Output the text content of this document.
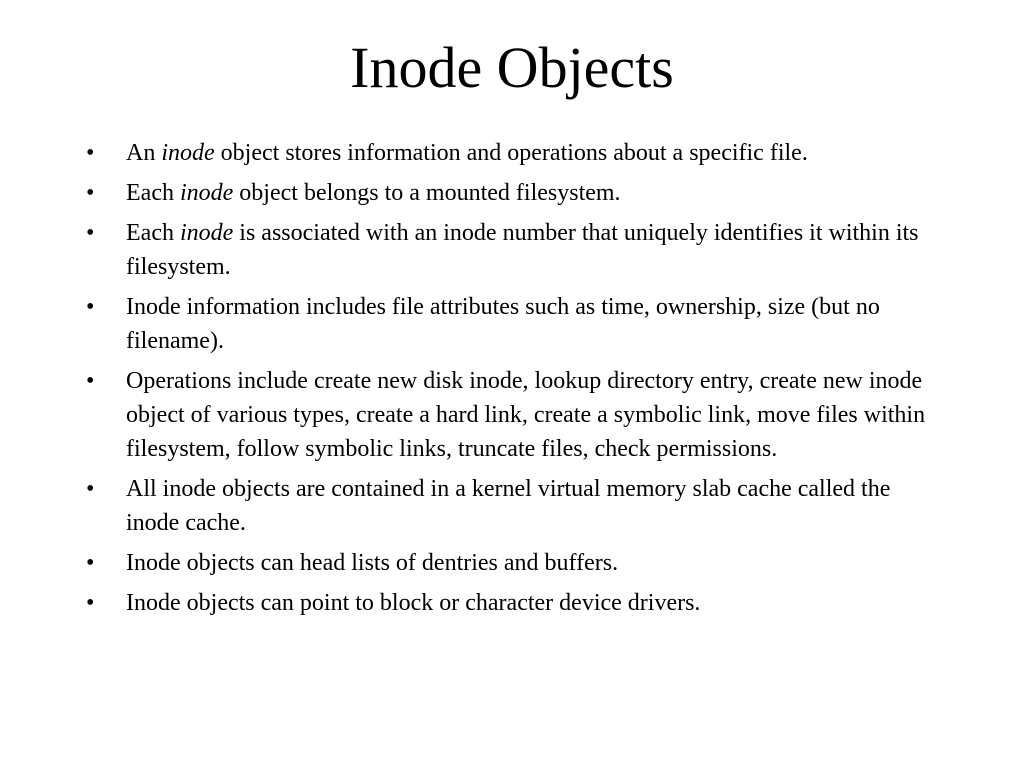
Inode Objects
• An inode object stores information and operations about a specific file.
• Each inode object belongs to a mounted filesystem.
• Each inode is associated with an inode number that uniquely identifies it within its filesystem.
• Inode information includes file attributes such as time, ownership, size (but no filename).
• Operations include create new disk inode, lookup directory entry, create new inode object of various types, create a hard link, create a symbolic link, move files within filesystem, follow symbolic links, truncate files, check permissions.
• All inode objects are contained in a kernel virtual memory slab cache called the inode cache.
• Inode objects can head lists of dentries and buffers.
• Inode objects can point to block or character device drivers.
